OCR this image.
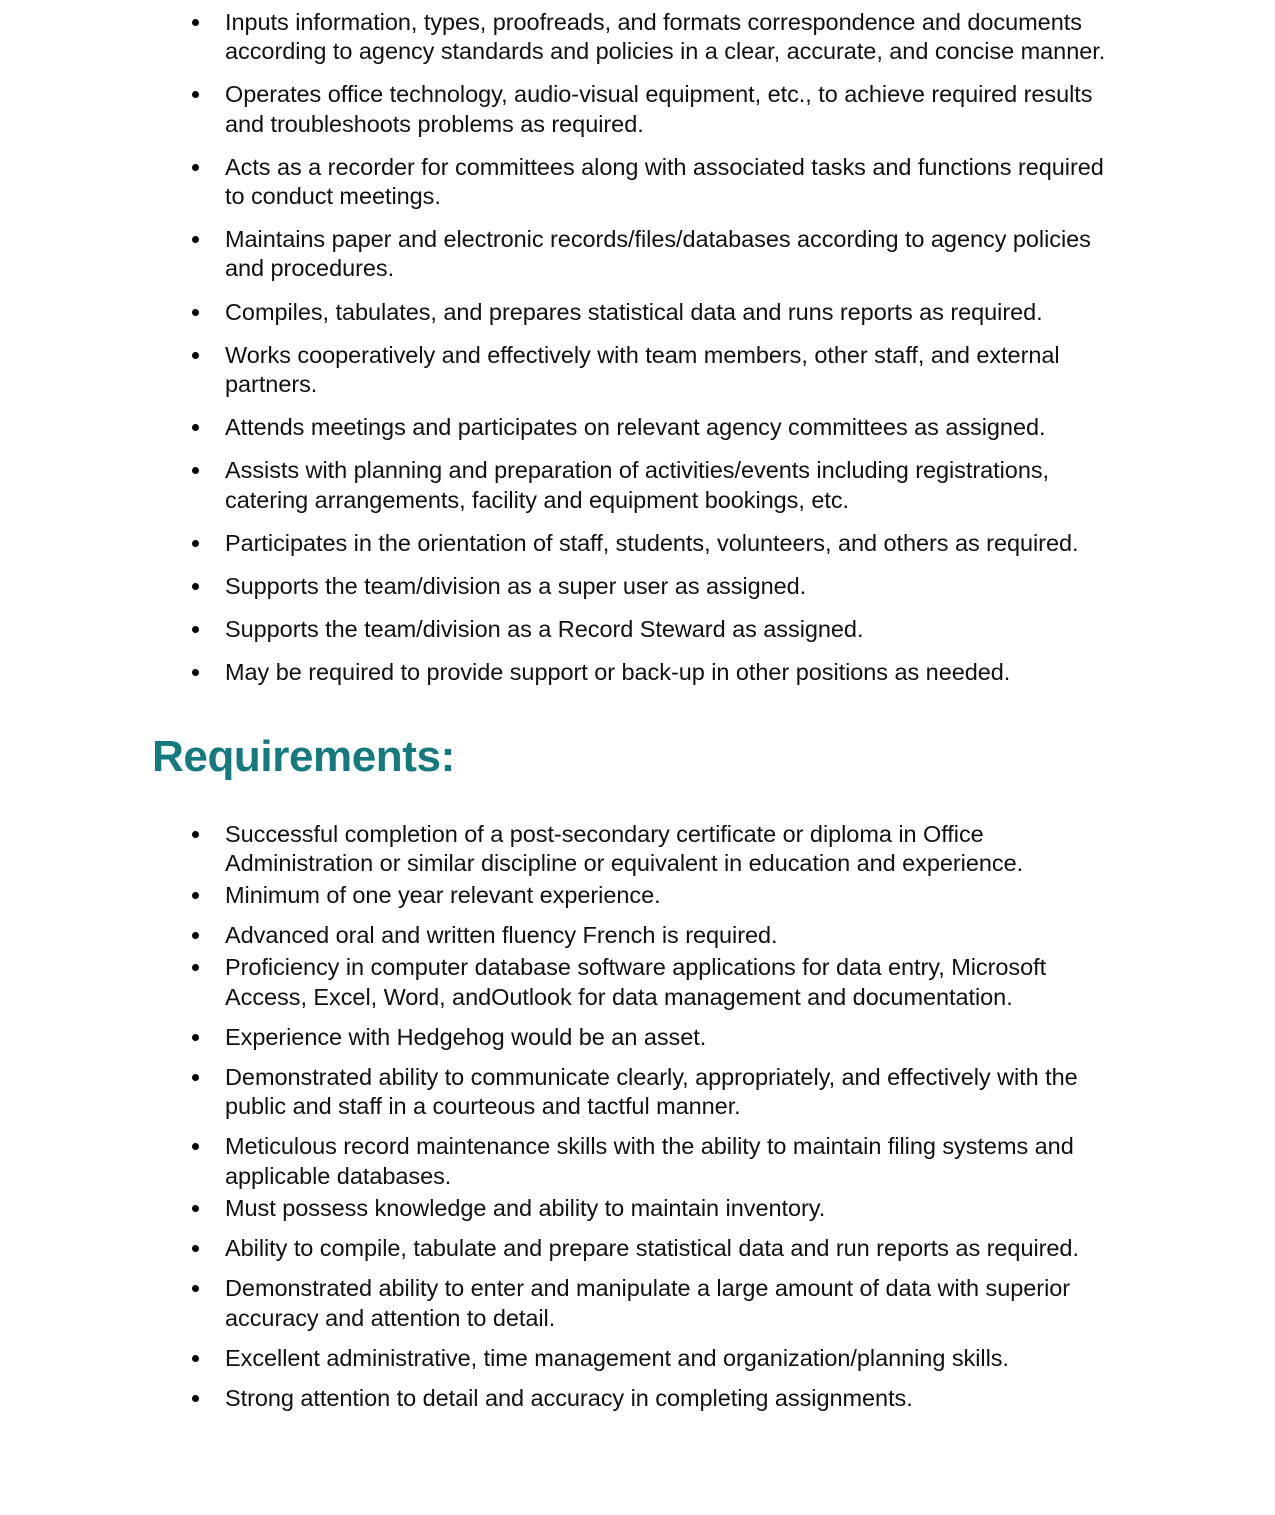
Inputs information, types, proofreads, and formats correspondence and documents according to agency standards and policies in a clear, accurate, and concise manner.
Operates office technology, audio-visual equipment, etc., to achieve required results and troubleshoots problems as required.
Acts as a recorder for committees along with associated tasks and functions required to conduct meetings.
Maintains paper and electronic records/files/databases according to agency policies and procedures.
Compiles, tabulates, and prepares statistical data and runs reports as required.
Works cooperatively and effectively with team members, other staff, and external partners.
Attends meetings and participates on relevant agency committees as assigned.
Assists with planning and preparation of activities/events including registrations, catering arrangements, facility and equipment bookings, etc.
Participates in the orientation of staff, students, volunteers, and others as required.
Supports the team/division as a super user as assigned.
Supports the team/division as a Record Steward as assigned.
May be required to provide support or back-up in other positions as needed.
Requirements:
Successful completion of a post-secondary certificate or diploma in Office Administration or similar discipline or equivalent in education and experience.
Minimum of one year relevant experience.
Advanced oral and written fluency French is required.
Proficiency in computer database software applications for data entry, Microsoft Access, Excel, Word, andOutlook for data management and documentation.
Experience with Hedgehog would be an asset.
Demonstrated ability to communicate clearly, appropriately, and effectively with the public and staff in a courteous and tactful manner.
Meticulous record maintenance skills with the ability to maintain filing systems and applicable databases.
Must possess knowledge and ability to maintain inventory.
Ability to compile, tabulate and prepare statistical data and run reports as required.
Demonstrated ability to enter and manipulate a large amount of data with superior accuracy and attention to detail.
Excellent administrative, time management and organization/planning skills.
Strong attention to detail and accuracy in completing assignments.
